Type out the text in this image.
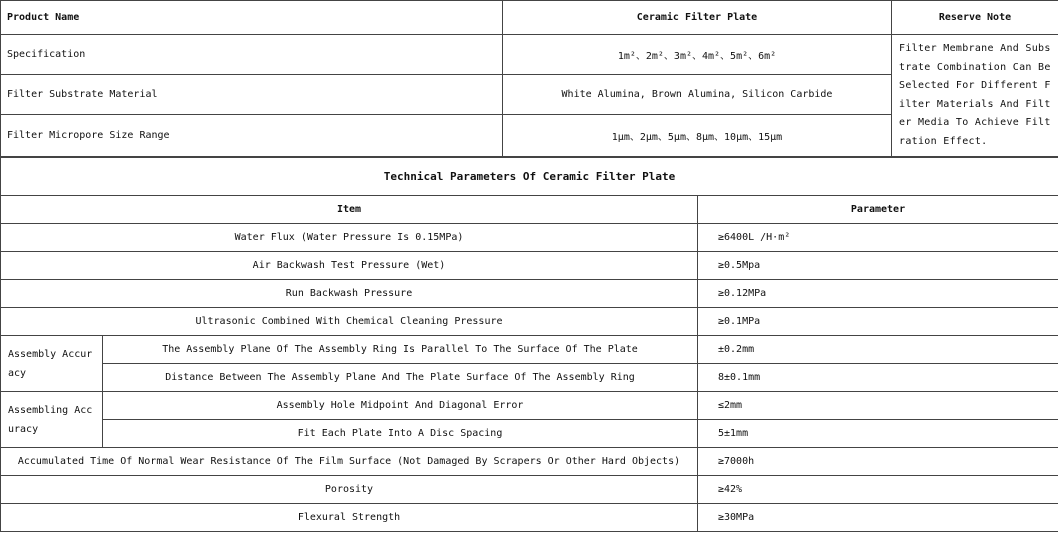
Product Name	Ceramic Filter Plate	Reserve Note
Specification	1m²、2m²、3m²、4m²、5m²、6m²	Filter Membrane And Substrate Combination Can Be Selected For Different Filter Materials And Filter Media To Achieve Filtration Effect.
Filter Substrate Material	White Alumina, Brown Alumina, Silicon Carbide	
Filter Micropore Size Range	1μm、2μm、5μm、8μm、10μm、15μm	
Technical Parameters Of Ceramic Filter Plate		
Item		Parameter
Water Flux (Water Pressure Is 0.15MPa)		≥6400L /H·m²
Air Backwash Test Pressure (Wet)		≥0.5Mpa
Run Backwash Pressure		≥0.12MPa
Ultrasonic Combined With Chemical Cleaning Pressure		≥0.1MPa
Assembly Accuracy	The Assembly Plane Of The Assembly Ring Is Parallel To The Surface Of The Plate	±0.2mm
	Distance Between The Assembly Plane And The Plate Surface Of The Assembly Ring	8±0.1mm
Assembling Accuracy	Assembly Hole Midpoint And Diagonal Error	≤2mm
	Fit Each Plate Into A Disc Spacing	5±1mm
Accumulated Time Of Normal Wear Resistance Of The Film Surface (Not Damaged By Scrapers Or Other Hard Objects)		≥7000h
Porosity		≥42%
Flexural Strength		≥30MPa
